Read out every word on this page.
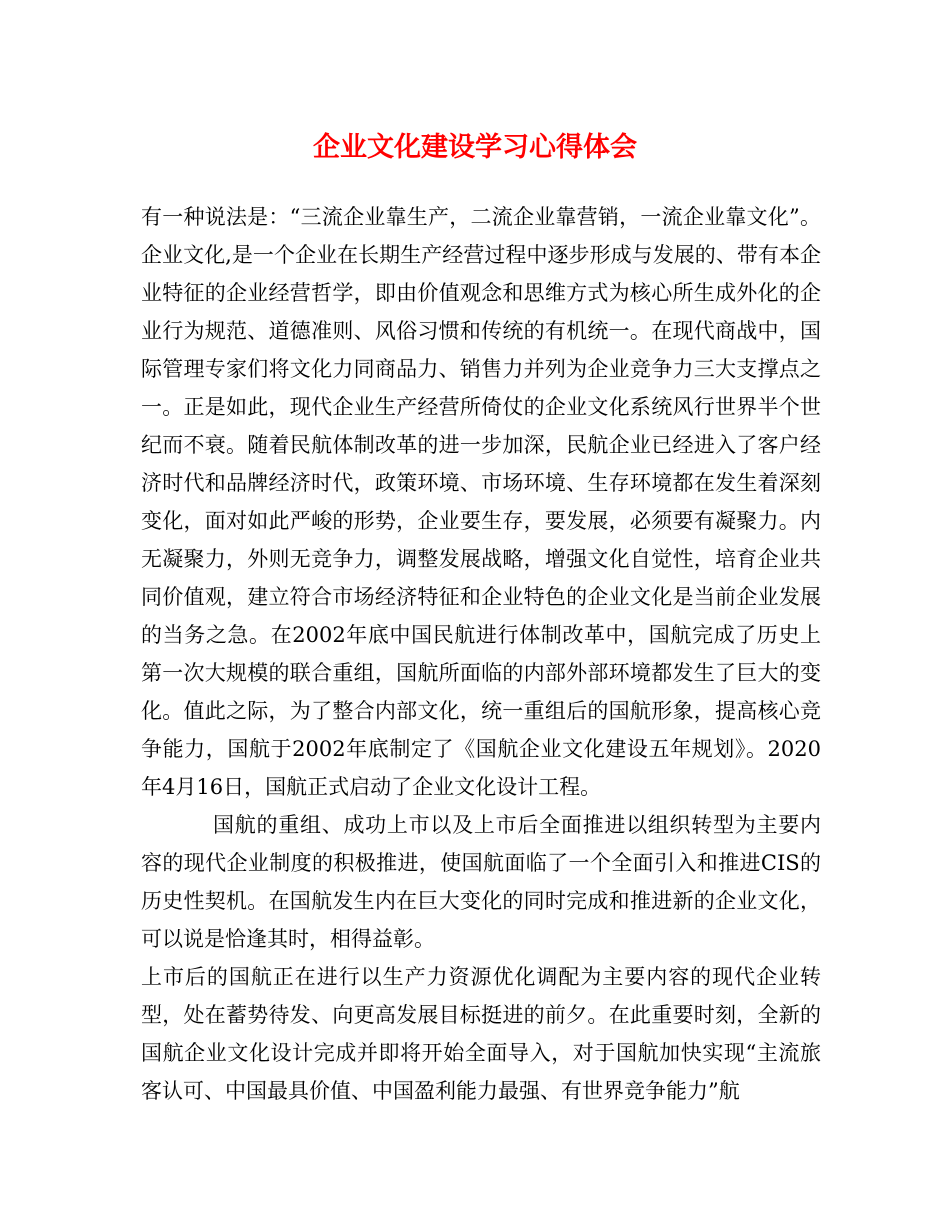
企业文化建设学习心得体会

有一种说法是：“三流企业靠生产，二流企业靠营销，一流企业靠文化”。企业文化,是一个企业在长期生产经营过程中逐步形成与发展的、带有本企业特征的企业经营哲学，即由价值观念和思维方式为核心所生成外化的企业行为规范、道德准则、风俗习惯和传统的有机统一。在现代商战中，国际管理专家们将文化力同商品力、销售力并列为企业竞争力三大支撑点之一。正是如此，现代企业生产经营所倚仗的企业文化系统风行世界半个世纪而不衰。随着民航体制改革的进一步加深，民航企业已经进入了客户经济时代和品牌经济时代，政策环境、市场环境、生存环境都在发生着深刻变化，面对如此严峻的形势，企业要生存，要发展，必须要有凝聚力。内无凝聚力，外则无竞争力，调整发展战略，增强文化自觉性，培育企业共同价值观，建立符合市场经济特征和企业特色的企业文化是当前企业发展的当务之急。在2002年底中国民航进行体制改革中，国航完成了历史上第一次大规模的联合重组，国航所面临的内部外部环境都发生了巨大的变化。值此之际，为了整合内部文化，统一重组后的国航形象，提高核心竞争能力，国航于2002年底制定了《国航企业文化建设五年规划》。2020年4月16日，国航正式启动了企业文化设计工程。

国航的重组、成功上市以及上市后全面推进以组织转型为主要内容的现代企业制度的积极推进，使国航面临了一个全面引入和推进CIS的历史性契机。在国航发生内在巨大变化的同时完成和推进新的企业文化，可以说是恰逢其时，相得益彰。

上市后的国航正在进行以生产力资源优化调配为主要内容的现代企业转型，处在蓄势待发、向更高发展目标挺进的前夕。在此重要时刻，全新的国航企业文化设计完成并即将开始全面导入，对于国航加快实现“主流旅客认可、中国最具价值、中国盈利能力最强、有世界竞争能力”航
